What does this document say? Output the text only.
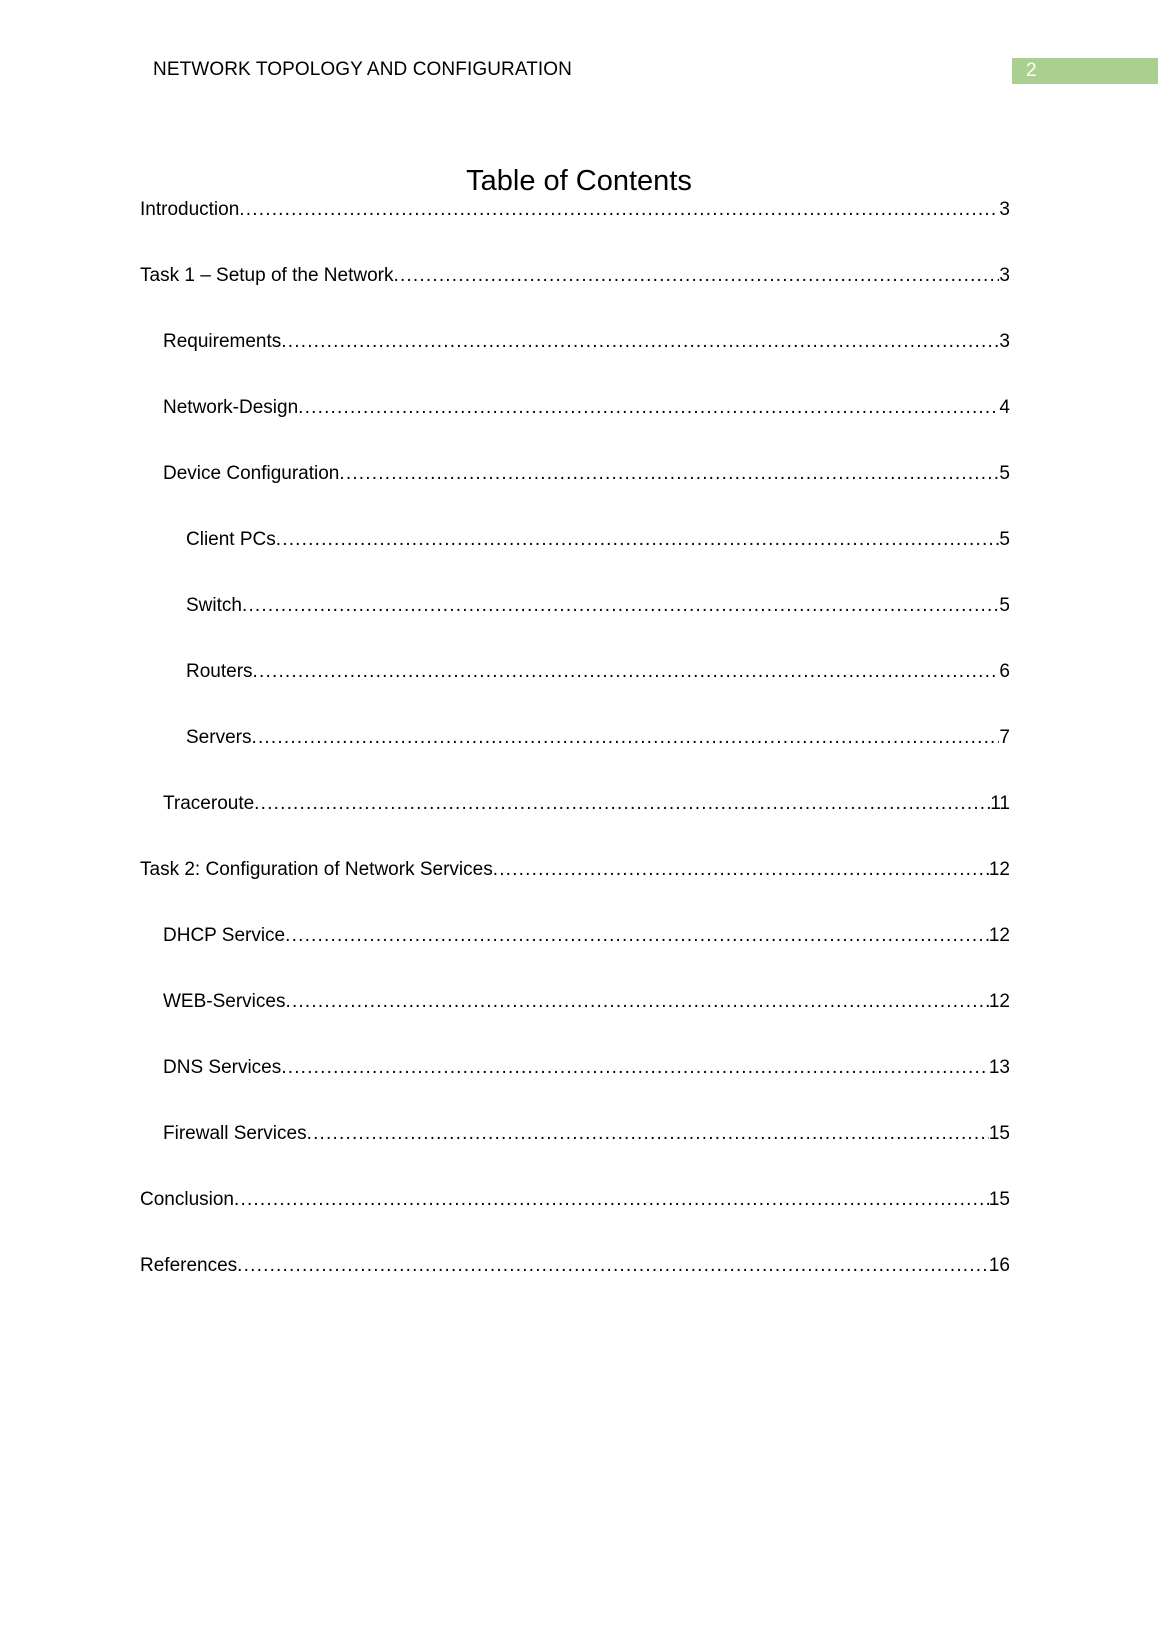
NETWORK TOPOLOGY AND CONFIGURATION	2
Table of Contents
Introduction .....	3
Task 1 – Setup of the Network .....	3
Requirements .....	3
Network-Design .....	4
Device Configuration .....	5
Client PCs .....	5
Switch .....	5
Routers .....	6
Servers .....	7
Traceroute .....	11
Task 2: Configuration of Network Services .....	12
DHCP Service .....	12
WEB-Services .....	12
DNS Services .....	13
Firewall Services .....	15
Conclusion .....	15
References .....	16
